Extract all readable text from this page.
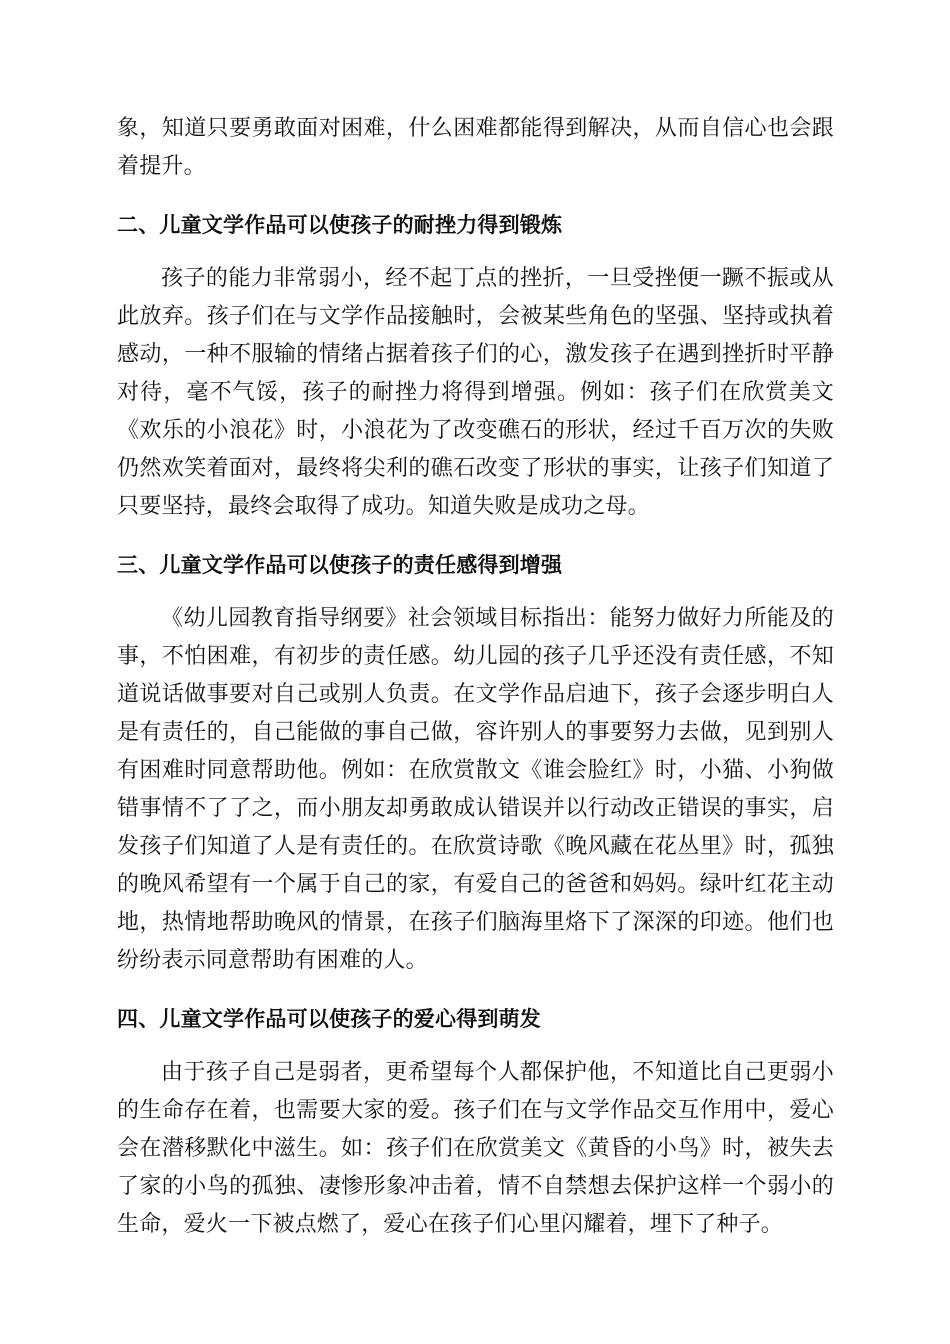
象，知道只要勇敢面对困难，什么困难都能得到解决，从而自信心也会跟着提升。

二、儿童文学作品可以使孩子的耐挫力得到锻炼

孩子的能力非常弱小，经不起丁点的挫折，一旦受挫便一蹶不振或从此放弃。孩子们在与文学作品接触时，会被某些角色的坚强、坚持或执着感动，一种不服输的情绪占据着孩子们的心，激发孩子在遇到挫折时平静对待，毫不气馁，孩子的耐挫力将得到增强。例如：孩子们在欣赏美文《欢乐的小浪花》时，小浪花为了改变礁石的形状，经过千百万次的失败仍然欢笑着面对，最终将尖利的礁石改变了形状的事实，让孩子们知道了只要坚持，最终会取得了成功。知道失败是成功之母。

三、儿童文学作品可以使孩子的责任感得到增强

《幼儿园教育指导纲要》社会领域目标指出：能努力做好力所能及的事，不怕困难，有初步的责任感。幼儿园的孩子几乎还没有责任感，不知道说话做事要对自己或别人负责。在文学作品启迪下，孩子会逐步明白人是有责任的，自己能做的事自己做，容许别人的事要努力去做，见到别人有困难时同意帮助他。例如：在欣赏散文《谁会脸红》时，小猫、小狗做错事情不了了之，而小朋友却勇敢成认错误并以行动改正错误的事实，启发孩子们知道了人是有责任的。在欣赏诗歌《晚风藏在花丛里》时，孤独的晚风希望有一个属于自己的家，有爱自己的爸爸和妈妈。绿叶红花主动地，热情地帮助晚风的情景，在孩子们脑海里烙下了深深的印迹。他们也纷纷表示同意帮助有困难的人。

四、儿童文学作品可以使孩子的爱心得到萌发

由于孩子自己是弱者，更希望每个人都保护他，不知道比自己更弱小的生命存在着，也需要大家的爱。孩子们在与文学作品交互作用中，爱心会在潜移默化中滋生。如：孩子们在欣赏美文《黄昏的小鸟》时，被失去了家的小鸟的孤独、凄惨形象冲击着，情不自禁想去保护这样一个弱小的生命，爱火一下被点燃了，爱心在孩子们心里闪耀着，埋下了种子。
